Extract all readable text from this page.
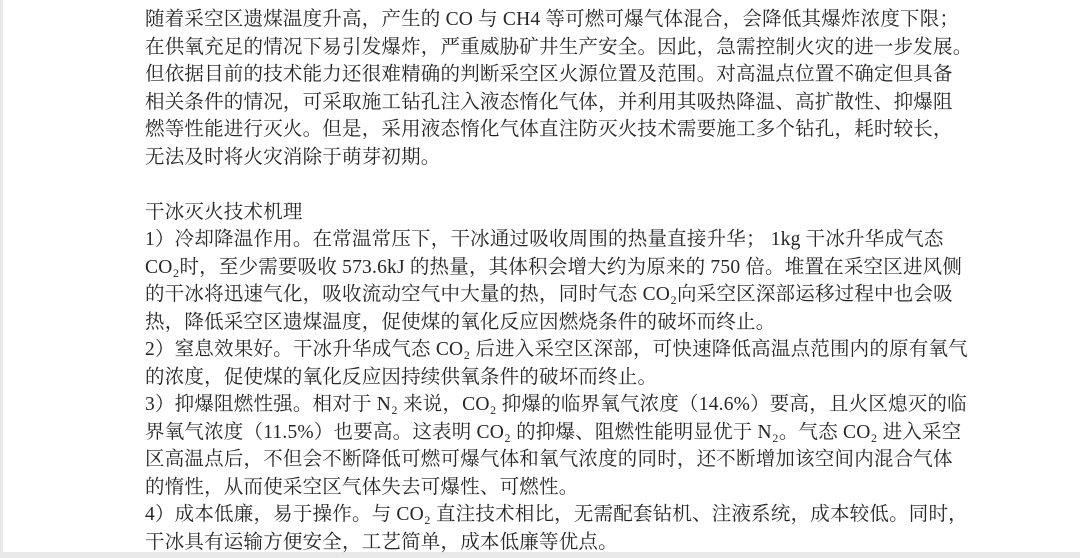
随着采空区遗煤温度升高，产生的 CO 与 CH4 等可燃可爆气体混合，会降低其爆炸浓度下限；

在供氧充足的情况下易引发爆炸，严重威胁矿井生产安全。因此，急需控制火灾的进一步发展。

但依据目前的技术能力还很难精确的判断采空区火源位置及范围。对高温点位置不确定但具备

相关条件的情况，可采取施工钻孔注入液态惰化气体，并利用其吸热降温、高扩散性、抑爆阻

燃等性能进行灭火。但是，采用液态惰化气体直注防灭火技术需要施工多个钻孔，耗时较长，

无法及时将火灾消除于萌芽初期。

干冰灭火技术机理

1）冷却降温作用。在常温常压下，干冰通过吸收周围的热量直接升华； 1kg 干冰升华成气态

CO₂时，至少需要吸收 573.6kJ 的热量，其体积会增大约为原来的 750 倍。堆置在采空区进风侧

的干冰将迅速气化，吸收流动空气中大量的热，同时气态 CO₂向采空区深部运移过程中也会吸

热，降低采空区遗煤温度，促使煤的氧化反应因燃烧条件的破坏而终止。

2）窒息效果好。干冰升华成气态 CO₂ 后进入采空区深部，可快速降低高温点范围内的原有氧气

的浓度，促使煤的氧化反应因持续供氧条件的破坏而终止。

3）抑爆阻燃性强。相对于 N₂ 来说，CO₂ 抑爆的临界氧气浓度（14.6%）要高，且火区熄灭的临

界氧气浓度（11.5%）也要高。这表明 CO₂ 的抑爆、阻燃性能明显优于 N₂。气态 CO₂ 进入采空

区高温点后，不但会不断降低可燃可爆气体和氧气浓度的同时，还不断增加该空间内混合气体

的惰性，从而使采空区气体失去可爆性、可燃性。

4）成本低廉，易于操作。与 CO₂ 直注技术相比，无需配套钻机、注液系统，成本较低。同时，

干冰具有运输方便安全，工艺简单，成本低廉等优点。
